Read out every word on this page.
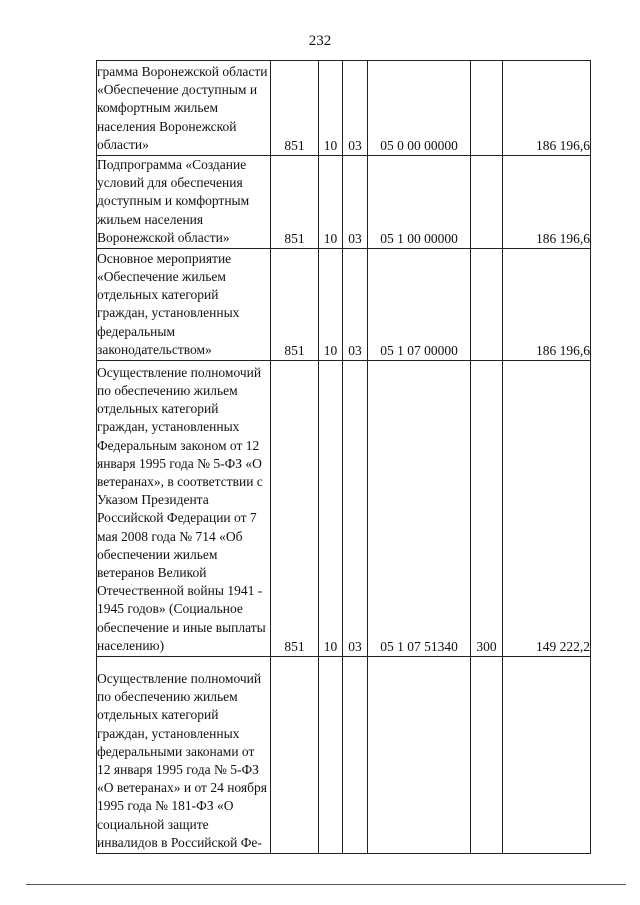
232
грамма Воронежской области «Обеспечение доступным и комфортным жильем населения Воронежской области»	851	10	03	05 0 00 00000		186 196,6
Подпрограмма «Создание условий для обеспечения доступным и комфортным жильем населения Воронежской области»	851	10	03	05 1 00 00000		186 196,6
Основное мероприятие «Обеспечение жильем отдельных категорий граждан, установленных федеральным законодательством»	851	10	03	05 1 07 00000		186 196,6
Осуществление полномочий по обеспечению жильем отдельных категорий граждан, установленных Федеральным законом от 12 января 1995 года № 5-ФЗ «О ветеранах», в соответствии с Указом Президента Российской Федерации от 7 мая 2008 года № 714 «Об обеспечении жильем ветеранов Великой Отечественной войны 1941 - 1945 годов» (Социальное обеспечение и иные выплаты населению)	851	10	03	05 1 07 51340	300	149 222,2
Осуществление полномочий по обеспечению жильем отдельных категорий граждан, установленных федеральными законами от 12 января 1995 года № 5-ФЗ «О ветеранах» и от 24 ноября 1995 года № 181-ФЗ «О социальной защите инвалидов в Российской Фе-						
